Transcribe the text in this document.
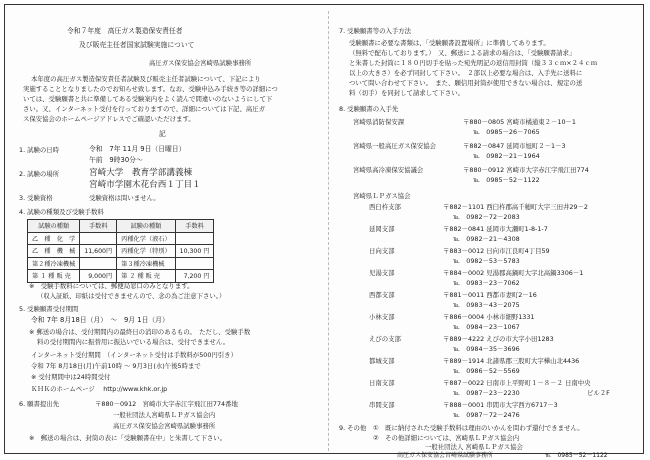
令和７年度　高圧ガス製造保安責任者
及び販売主任者国家試験実施について
高圧ガス保安協会宮崎県試験事務所
本年度の高圧ガス製造保安責任者試験及び販売主任者試験について、下記により
実施することとなりましたのでお知らせ致します。なお、受験申込み手続き等の詳細につ
いては、受験願書と共に準備してある受験案内をよく読んで間違いのないようにして下
さい。又、インターネット受付を行っておりますので、詳細については下記、高圧ガ
ス保安協会のホームページアドレスでご確認いただけます。
記
1. 試験の日時	令和　7年 11月 9日（日曜日）
午前　9時30分～
2. 試験の場所	宮崎大学　教育学部講義棟
宮崎市学園木花台西１丁目１
3. 受験資格	受験資格は問いません。
4. 試験の種類及び受験手数料
試験の種類	手数料	試験の種類	手数料
乙　種　化　学		丙種化学（液石）	
乙　種　機　械	11,600円	丙種化学（特別）	10,300 円
第２種冷凍機械		第３種冷凍機械	
第 １ 種 販 売	9,000円	第 ２ 種 販 売	7,200 円
※　受験手数料については、郵便局窓口のみとなります。
（収入証紙、印紙は受付できませんので、念の為ご注意下さい。）
5. 受験願書受付期間
令和 7年 8月18日（月）　～　9月 1日（月）
※ 郵送の場合は、受付期間内の最終日の消印のあるもの。　ただし、受験手数
料の受付期間内に振替用に振込いでいる場合は、受付できません。
インターネット受付期間　（インターネット受付は手数料が500円引き）
令和 7年 8月18日(月)午前10時 ～ 9月3日(水)午後5時まで
※ 受付期間中は24時間受付
ＫＨＫのホームページ　 http://www.khk.or.jp
6. 願書提出先	〒880－0912　宮崎市大字赤江字飛江田774番地
一般社団法人宮崎県ＬＰガス協会内
高圧ガス保安協会宮崎県試験事務所
※　郵送の場合は、封筒の表に「受験願書在中」と朱書して下さい。
7. 受験願書等の入手方法
受験願書に必要な書類は、「受験願書設置場所」に準備してあります。
（無料で配布しております。）　又、郵送による請求の場合は、「受験願書請求」
と朱書した封筒に１８０円切手を貼った宛先明記の返信用封筒（縦３３ｃｍ×２４ｃｍ
以上の大きさ）を必ず同封して下さい。　２部以上必要な場合は、入手先に送料に
ついて問い合わせて下さい。　また、願信用封筒が使用できない場合は、規定の送
料（切手）を同封して請求して下さい。
8. 受験願書の入手先
宮崎県消防保安課	〒880－0805 宮崎市橘通東２－10－1
℡　0985－26－7065
宮崎県一般高圧ガス保安協会	〒882－0847 延岡市旭町２－1－3
℡　0982－21－1964
宮崎県高冷凍保安協議会	〒880－0912 宮崎市大字赤江字飛江田774
℡　0985－52－1122
宮崎県ＬＰガス協会
西臼杵支部	〒882－1101 西臼杵郡高千穂町大字三田井29－2
℡　0982－72－2083
延岡支部	〒882－0841 延岡市大瀬町1-8-1-7
℡　0982－21－4308
日向支部	〒883－0012 日向市江良町4丁目59
℡　0982－53－5783
児湯支部	〒884－0002 児湯郡高鍋町大字北高鍋3306－1
℡　0983－23－7062
西都支部	〒881－0011 西都市妻町2－16
℡　0983－43－2075
小林支部	〒886－0004 小林市細野1331
℡　0984－23－1067
えびの支部	〒889－4222 えびの市大字小田1283
℡　0984－35－3696
都城支部	〒889－1914 北諸県郡三股町大字樺山北4436
℡　0986－52－5569
日南支部	〒887－0022 日南市上平野町１－８－２ 日南中央
℡　0987－23－2230	ビル２F
串間支部	〒888－0001 串間市大字西方6717－3
℡　0987－72－2476
9. その他 ①　既に納付された受験手数料は理由のいかんを問わず還付できません。
②　その他詳細については、宮崎県ＬＰガス協会内
一般社団法人 宮崎県ＬＰガス協会
高圧ガス保安協会宮崎県試験事務所	℡　0985－52－1122
